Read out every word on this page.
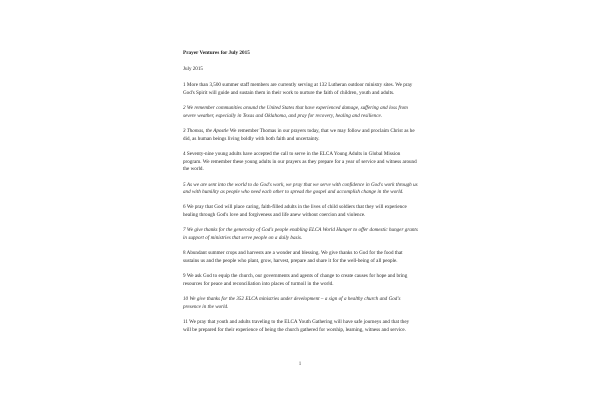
Prayer Ventures for July 2015
July 2015
1 More than 3,500 summer staff members are currently serving at 132 Lutheran outdoor ministry sites. We pray God's Spirit will guide and sustain them in their work to nurture the faith of children, youth and adults.
2 We remember communities around the United States that have experienced damage, suffering and loss from severe weather, especially in Texas and Oklahoma, and pray for recovery, healing and resilience.
3 Thomas, the Apostle We remember Thomas in our prayers today, that we may follow and proclaim Christ as he did, as human beings living boldly with both faith and uncertainty.
4 Seventy-nine young adults have accepted the call to serve in the ELCA Young Adults in Global Mission program. We remember these young adults in our prayers as they prepare for a year of service and witness around the world.
5 As we are sent into the world to do God's work, we pray that we serve with confidence in God's work through us and with humility as people who need each other to spread the gospel and accomplish change in the world.
6 We pray that God will place caring, faith-filled adults in the lives of child soldiers that they will experience healing through God's love and forgiveness and life anew without coercion and violence.
7 We give thanks for the generosity of God's people enabling ELCA World Hunger to offer domestic hunger grants in support of ministries that serve people on a daily basis.
8 Abundant summer crops and harvests are a wonder and blessing. We give thanks to God for the food that sustains us and the people who plant, grow, harvest, prepare and share it for the well-being of all people.
9 We ask God to equip the church, our governments and agents of change to create causes for hope and bring resources for peace and reconciliation into places of turmoil in the world.
10 We give thanks for the 352 ELCA ministries under development – a sign of a healthy church and God's presence in the world.
11 We pray that youth and adults traveling to the ELCA Youth Gathering will have safe journeys and that they will be prepared for their experience of being the church gathered for worship, learning, witness and service.
1
